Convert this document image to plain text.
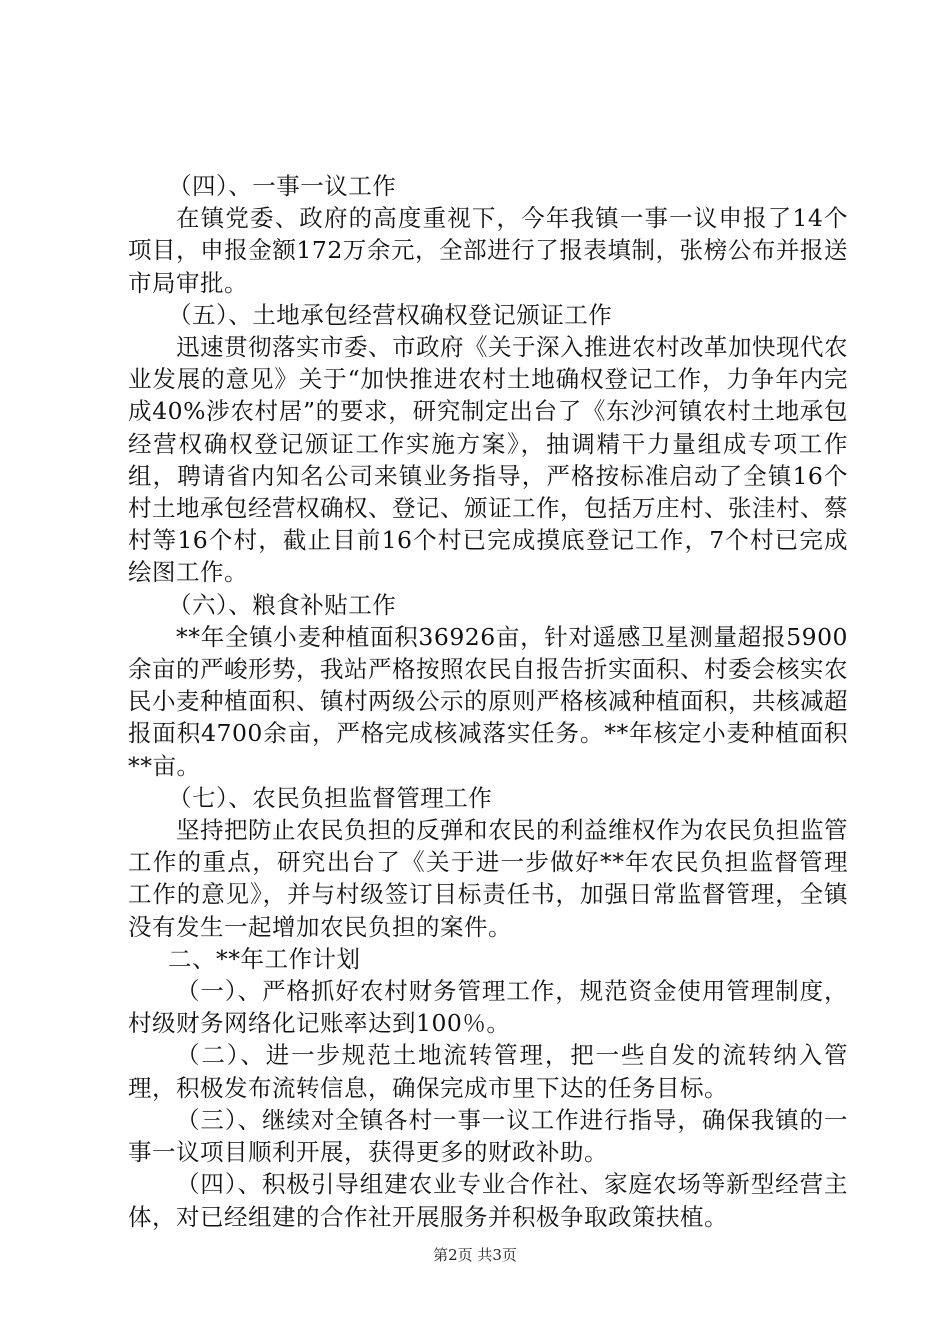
（四）、一事一议工作

在镇党委、政府的高度重视下，今年我镇一事一议申报了14个项目，申报金额172万余元，全部进行了报表填制，张榜公布并报送市局审批。

（五）、土地承包经营权确权登记颁证工作

迅速贯彻落实市委、市政府《关于深入推进农村改革加快现代农业发展的意见》关于“加快推进农村土地确权登记工作，力争年内完成40%涉农村居”的要求，研究制定出台了《东沙河镇农村土地承包经营权确权登记颁证工作实施方案》，抽调精干力量组成专项工作组，聘请省内知名公司来镇业务指导，严格按标准启动了全镇16个村土地承包经营权确权、登记、颁证工作，包括万庄村、张洼村、蔡村等16个村，截止目前16个村已完成摸底登记工作，7个村已完成绘图工作。

（六）、粮食补贴工作

**年全镇小麦种植面积36926亩，针对遥感卫星测量超报5900余亩的严峻形势，我站严格按照农民自报告折实面积、村委会核实农民小麦种植面积、镇村两级公示的原则严格核减种植面积，共核减超报面积4700余亩，严格完成核减落实任务。**年核定小麦种植面积**亩。

（七）、农民负担监督管理工作

坚持把防止农民负担的反弹和农民的利益维权作为农民负担监管工作的重点，研究出台了《关于进一步做好**年农民负担监督管理工作的意见》，并与村级签订目标责任书，加强日常监督管理，全镇没有发生一起增加农民负担的案件。

二、**年工作计划

（一）、严格抓好农村财务管理工作，规范资金使用管理制度，村级财务网络化记账率达到100％。

（二）、进一步规范土地流转管理，把一些自发的流转纳入管理，积极发布流转信息，确保完成市里下达的任务目标。

（三）、继续对全镇各村一事一议工作进行指导，确保我镇的一事一议项目顺利开展，获得更多的财政补助。

（四）、积极引导组建农业专业合作社、家庭农场等新型经营主体，对已经组建的合作社开展服务并积极争取政策扶植。

第2页 共3页
